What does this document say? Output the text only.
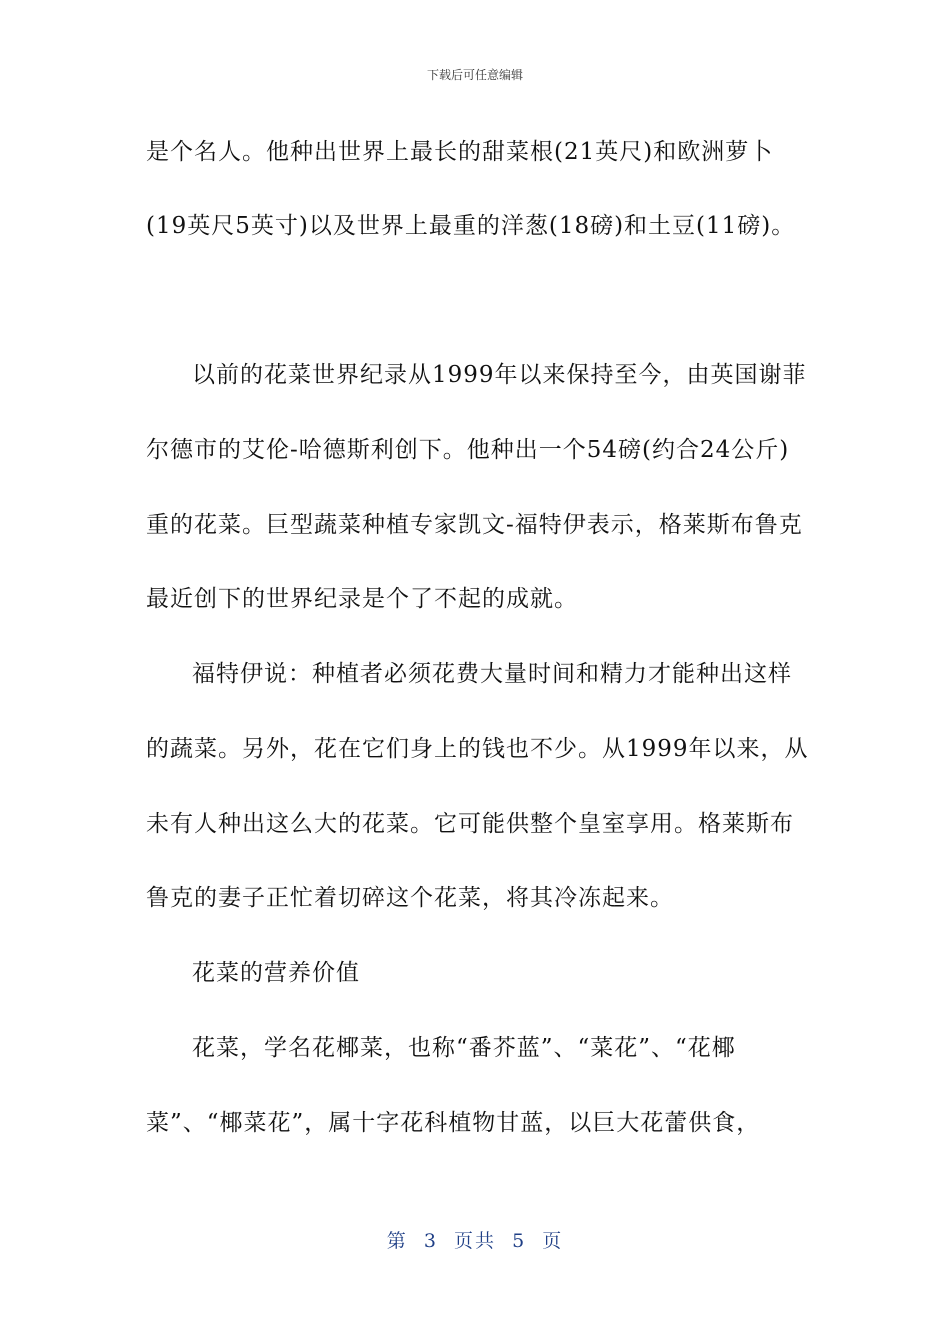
下载后可任意编辑
是个名人。他种出世界上最长的甜菜根(21英尺)和欧洲萝卜
(19英尺5英寸)以及世界上最重的洋葱(18磅)和土豆(11磅)。
以前的花菜世界纪录从1999年以来保持至今，由英国谢菲
尔德市的艾伦-哈德斯利创下。他种出一个54磅(约合24公斤)
重的花菜。巨型蔬菜种植专家凯文-福特伊表示，格莱斯布鲁克
最近创下的世界纪录是个了不起的成就。
福特伊说：种植者必须花费大量时间和精力才能种出这样
的蔬菜。另外，花在它们身上的钱也不少。从1999年以来，从
未有人种出这么大的花菜。它可能供整个皇室享用。格莱斯布
鲁克的妻子正忙着切碎这个花菜，将其冷冻起来。
花菜的营养价值
花菜，学名花椰菜，也称“番芥蓝”、“菜花”、“花椰
菜”、“椰菜花”，属十字花科植物甘蓝，以巨大花蕾供食，
第  3  页共  5  页
